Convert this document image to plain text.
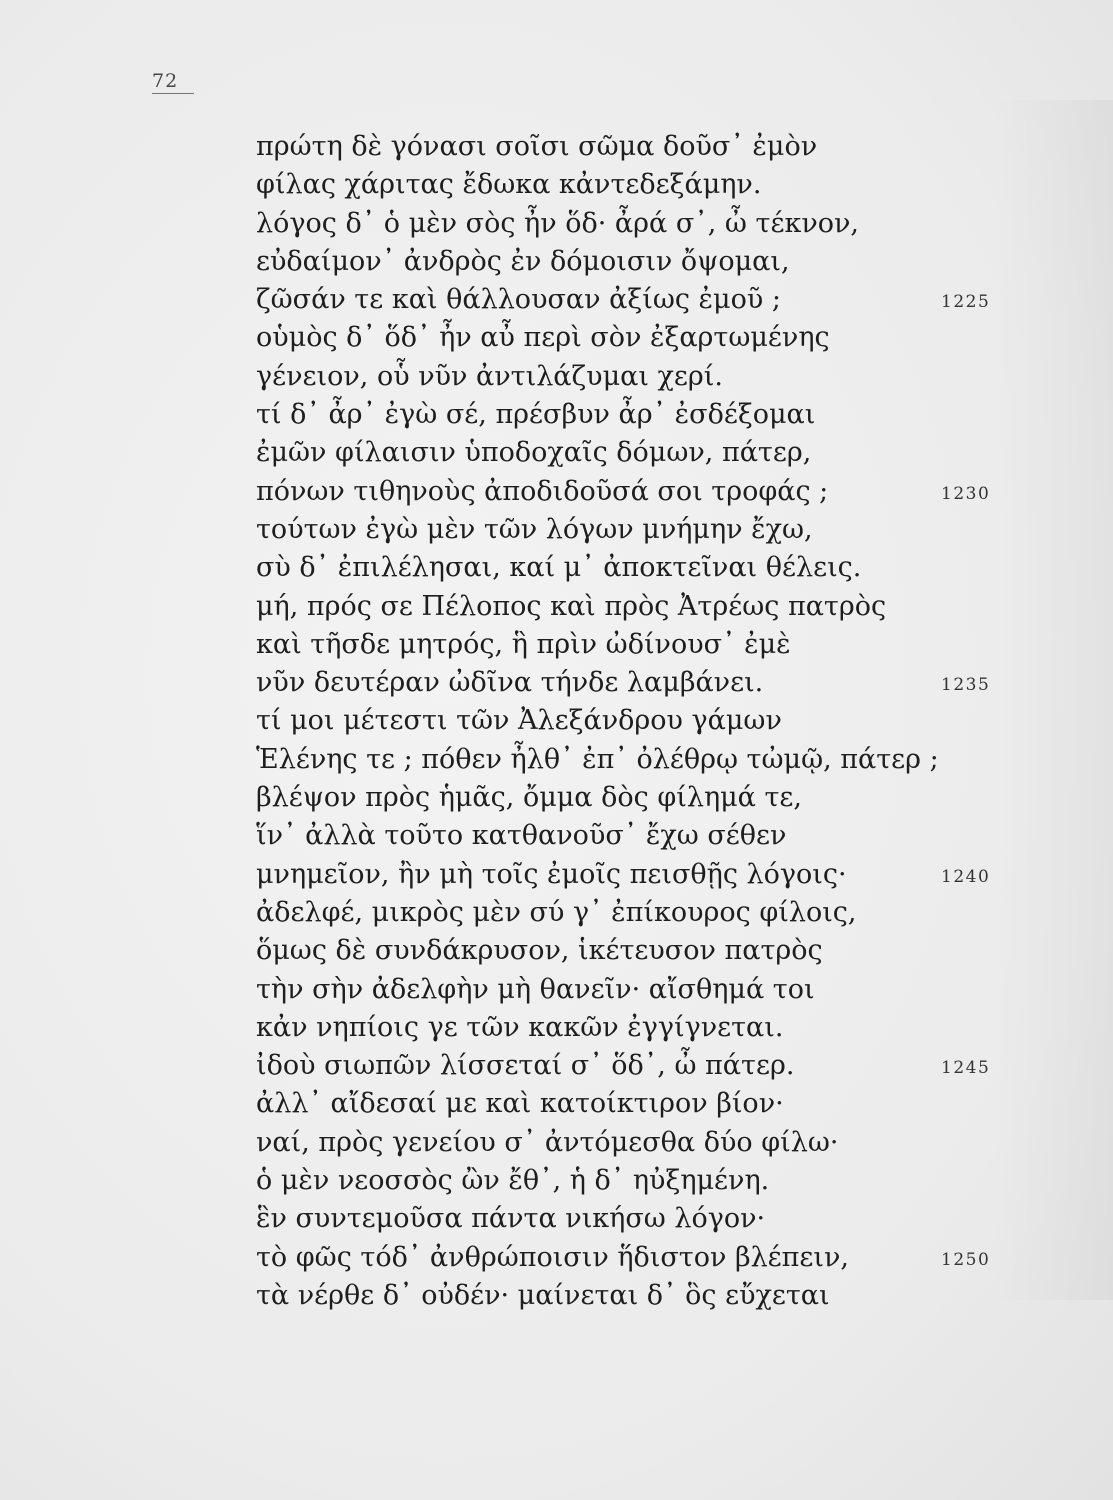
72
πρώτη δὲ γόνασι σοῖσι σῶμα δοῦσ᾽ ἐμὸν
φίλας χάριτας ἔδωκα κἀντεδεξάμην.
λόγος δ᾽ ὁ μὲν σὸς ἦν ὅδ· ἆρά σ᾽, ὦ τέκνον,
εὐδαίμον᾽ ἀνδρὸς ἐν δόμοισιν ὄψομαι,
ζῶσάν τε καὶ θάλλουσαν ἀξίως ἐμοῦ ;	1225
οὑμὸς δ᾽ ὅδ᾽ ἦν αὖ περὶ σὸν ἐξαρτωμένης
γένειον, οὗ νῦν ἀντιλάζυμαι χερί.
τί δ᾽ ἆρ᾽ ἐγὼ σέ, πρέσβυν ἆρ᾽ ἐσδέξομαι
ἐμῶν φίλαισιν ὑποδοχαῖς δόμων, πάτερ,
πόνων τιθηνοὺς ἀποδιδοῦσά σοι τροφάς ;	1230
τούτων ἐγὼ μὲν τῶν λόγων μνήμην ἔχω,
σὺ δ᾽ ἐπιλέλησαι, καί μ᾽ ἀποκτεῖναι θέλεις.
μή, πρός σε Πέλοπος καὶ πρὸς Ἀτρέως πατρὸς
καὶ τῆσδε μητρός, ἣ πρὶν ὠδίνουσ᾽ ἐμὲ
νῦν δευτέραν ὠδῖνα τήνδε λαμβάνει.	1235
τί μοι μέτεστι τῶν Ἀλεξάνδρου γάμων
Ἑλένης τε ; πόθεν ἦλθ᾽ ἐπ᾽ ὀλέθρῳ τὠμῷ, πάτερ ;
βλέψον πρὸς ἡμᾶς, ὄμμα δὸς φίλημά τε,
ἵν᾽ ἀλλὰ τοῦτο κατθανοῦσ᾽ ἔχω σέθεν
μνημεῖον, ἢν μὴ τοῖς ἐμοῖς πεισθῇς λόγοις·	1240
ἀδελφέ, μικρὸς μὲν σύ γ᾽ ἐπίκουρος φίλοις,
ὅμως δὲ συνδάκρυσον, ἱκέτευσον πατρὸς
τὴν σὴν ἀδελφὴν μὴ θανεῖν· αἴσθημά τοι
κἀν νηπίοις γε τῶν κακῶν ἐγγίγνεται.
ἰδοὺ σιωπῶν λίσσεταί σ᾽ ὅδ᾽, ὦ πάτερ.	1245
ἀλλ᾽ αἴδεσαί με καὶ κατοίκτιρον βίον·
ναί, πρὸς γενείου σ᾽ ἀντόμεσθα δύο φίλω·
ὁ μὲν νεοσσὸς ὢν ἔθ᾽, ἡ δ᾽ ηὐξημένη.
ἓν συντεμοῦσα πάντα νικήσω λόγον·
τὸ φῶς τόδ᾽ ἀνθρώποισιν ἥδιστον βλέπειν,	1250
τὰ νέρθε δ᾽ οὐδέν· μαίνεται δ᾽ ὃς εὔχεται
